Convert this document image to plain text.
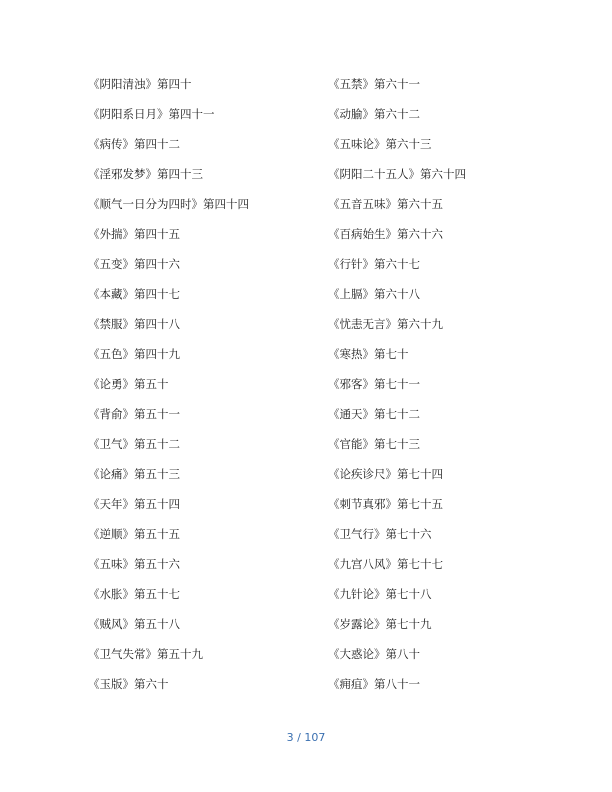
《阴阳清浊》第四十
《阴阳系日月》第四十一
《病传》第四十二
《淫邪发梦》第四十三
《顺气一日分为四时》第四十四
《外揣》第四十五
《五变》第四十六
《本藏》第四十七
《禁服》第四十八
《五色》第四十九
《论勇》第五十
《背俞》第五十一
《卫气》第五十二
《论痛》第五十三
《天年》第五十四
《逆顺》第五十五
《五味》第五十六
《水胀》第五十七
《贼风》第五十八
《卫气失常》第五十九
《玉版》第六十
《五禁》第六十一
《动腧》第六十二
《五味论》第六十三
《阴阳二十五人》第六十四
《五音五味》第六十五
《百病始生》第六十六
《行针》第六十七
《上膈》第六十八
《忧恚无言》第六十九
《寒热》第七十
《邪客》第七十一
《通天》第七十二
《官能》第七十三
《论疾诊尺》第七十四
《刺节真邪》第七十五
《卫气行》第七十六
《九宫八风》第七十七
《九针论》第七十八
《岁露论》第七十九
《大惑论》第八十
《痈疽》第八十一
3 / 107
